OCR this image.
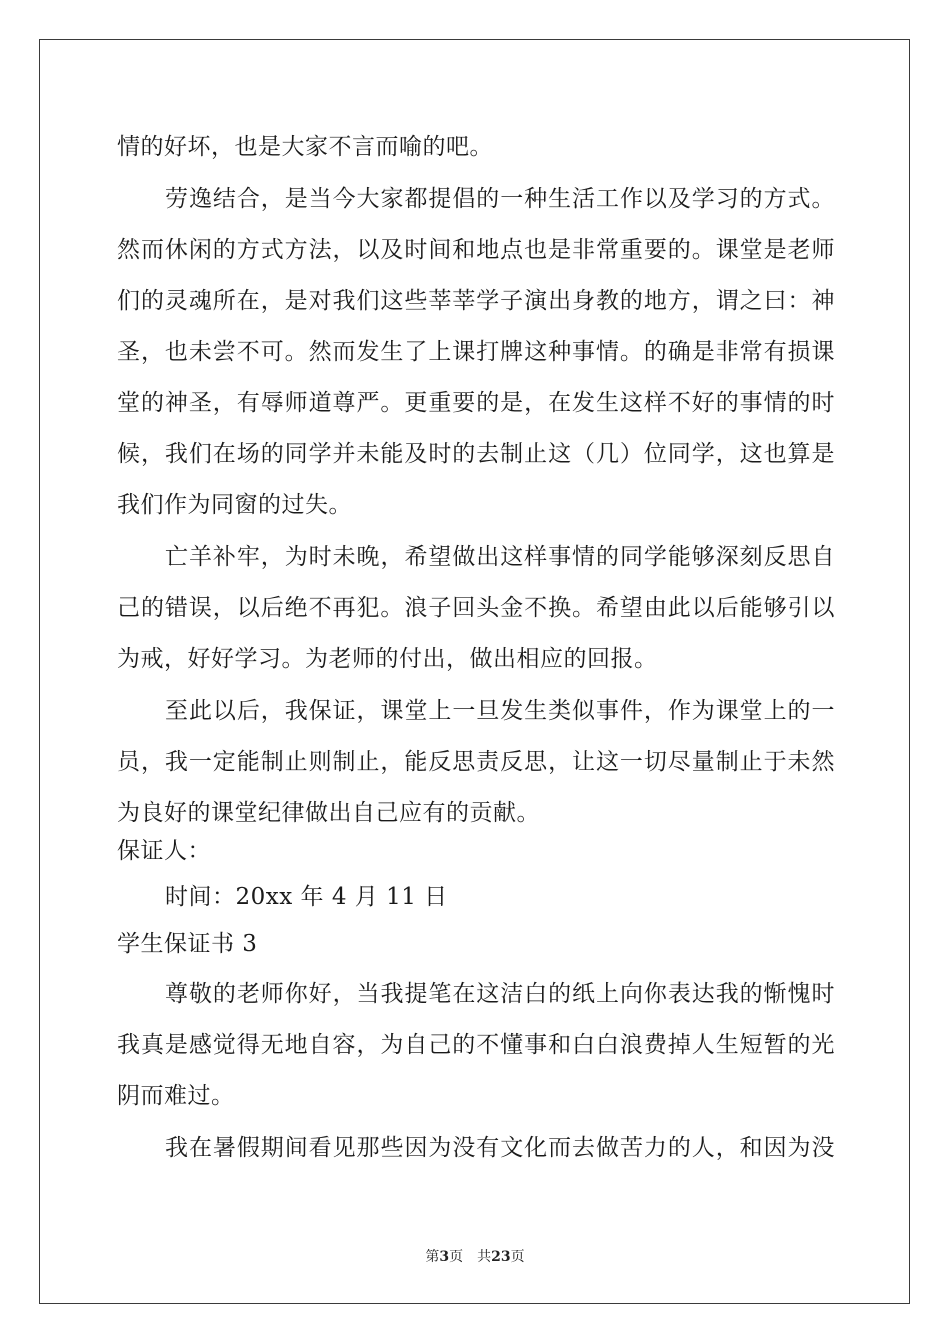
情的好坏，也是大家不言而喻的吧。
劳逸结合，是当今大家都提倡的一种生活工作以及学习的方式。
然而休闲的方式方法，以及时间和地点也是非常重要的。课堂是老师
们的灵魂所在，是对我们这些莘莘学子演出身教的地方，谓之曰：神
圣，也未尝不可。然而发生了上课打牌这种事情。的确是非常有损课
堂的神圣，有辱师道尊严。更重要的是，在发生这样不好的事情的时
候，我们在场的同学并未能及时的去制止这（几）位同学，这也算是
我们作为同窗的过失。
亡羊补牢，为时未晚，希望做出这样事情的同学能够深刻反思自
己的错误，以后绝不再犯。浪子回头金不换。希望由此以后能够引以
为戒，好好学习。为老师的付出，做出相应的回报。
至此以后，我保证，课堂上一旦发生类似事件，作为课堂上的一
员，我一定能制止则制止，能反思责反思，让这一切尽量制止于未然
为良好的课堂纪律做出自己应有的贡献。
保证人：
时间：20xx 年 4 月 11 日
学生保证书 3
尊敬的老师你好，当我提笔在这洁白的纸上向你表达我的惭愧时
我真是感觉得无地自容，为自己的不懂事和白白浪费掉人生短暂的光
阴而难过。
我在暑假期间看见那些因为没有文化而去做苦力的人，和因为没
第3页 共23页
